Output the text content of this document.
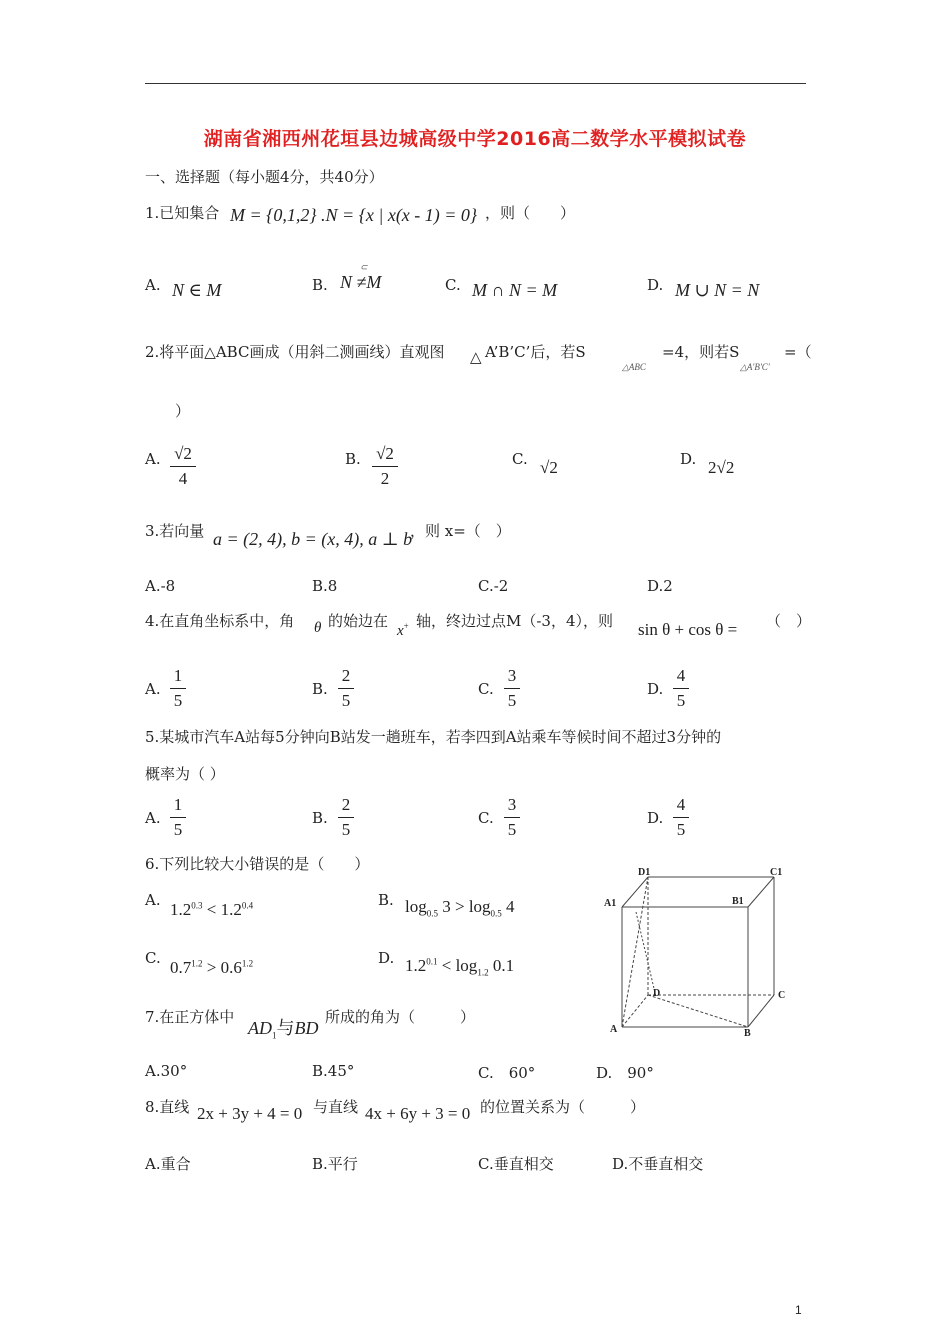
湖南省湘西州花垣县边城高级中学2016高二数学水平模拟试卷
一、选择题（每小题4分，共40分）
1.已知集合 M = {0,1,2} .N = {x | x(x - 1) = 0} ，则（　　）
A. N ∈ M	B.
⊂
N ≠M	C. M ∩ N = M	D. M ∪ N = N
2.将平面△ABC画成（用斜二测画线）直观图 △ A’B’C’后，若S
△ABC
=4，则若S
△A'B'C'
=（
）
A. √2
4
B. √2
2
C. √2	D. 2√2
3.若向量 a = (2, 4), b = (x, 4), a ⊥ b
，则 x=（　）
A.-8	B.8	C.-2	D.2
4.在直角坐标系中，角 θ 的始边在
x+ 轴，终边过点M（-3，4），则 sin θ + cos θ = （　）
A.
1
5
B.
2
5
C.
3
5
D.
4
5
5.某城市汽车A站每5分钟向B站发一趟班车，若李四到A站乘车等候时间不超过3分钟的
概率为（ ）
A.
1
5
B.
2
5
C.
3
5
D.
4
5
6.下列比较大小错误的是（　　）
A. $1.2^{0.3} < 1.2^{0.4}$	B. $\log_{0.5} 3 > \log_{0.5} 4$
C. $0.7^{1.2} > 0.6^{1.2}$	D. $1.2^{0.1} < \log_{1.2} 0.1$
D1	C1
A1	B1
D	C
A	B
7.在正方体中
$AD_1$与BD
所成的角为（　　　）
A.30°	B.45°	C.　60°	D.　90°
8.直线 2x + 3y + 4 = 0 与直线 4x + 6y + 3 = 0 的位置关系为（　　　）
A.重合	B.平行	C.垂直相交	D.不垂直相交
1
